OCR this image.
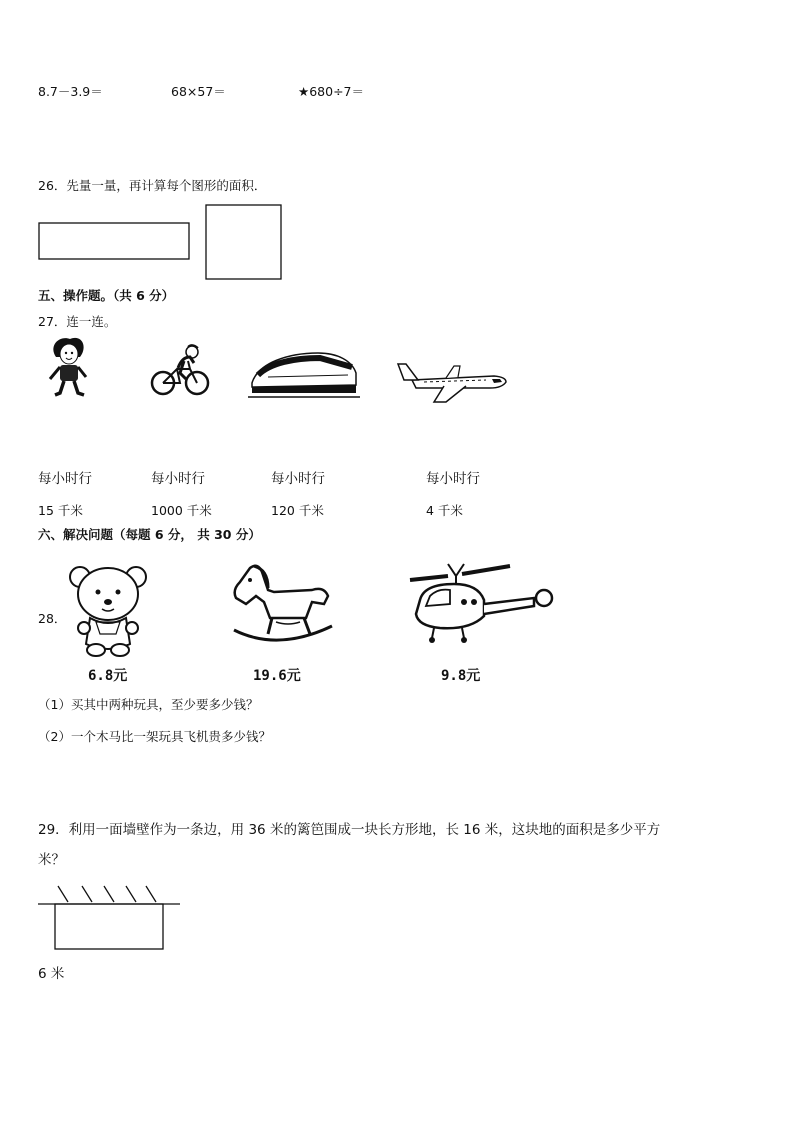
8.7－3.9＝	68×57＝	★680÷7＝
26．先量一量，再计算每个图形的面积．
五、操作题。（共 6 分）
27．连一连。
每小时行	每小时行	每小时行	每小时行
15 千米	1000 千米	120 千米	4 千米
六、解决问题（每题 6 分， 共 30 分）
28．
6.8元	19.6元	9.8元
（1）买其中两种玩具，至少要多少钱？
（2）一个木马比一架玩具飞机贵多少钱？
29．利用一面墙壁作为一条边，用 36 米的篱笆围成一块长方形地，长 16 米，这块地的面积是多少平方
米？
6 米
